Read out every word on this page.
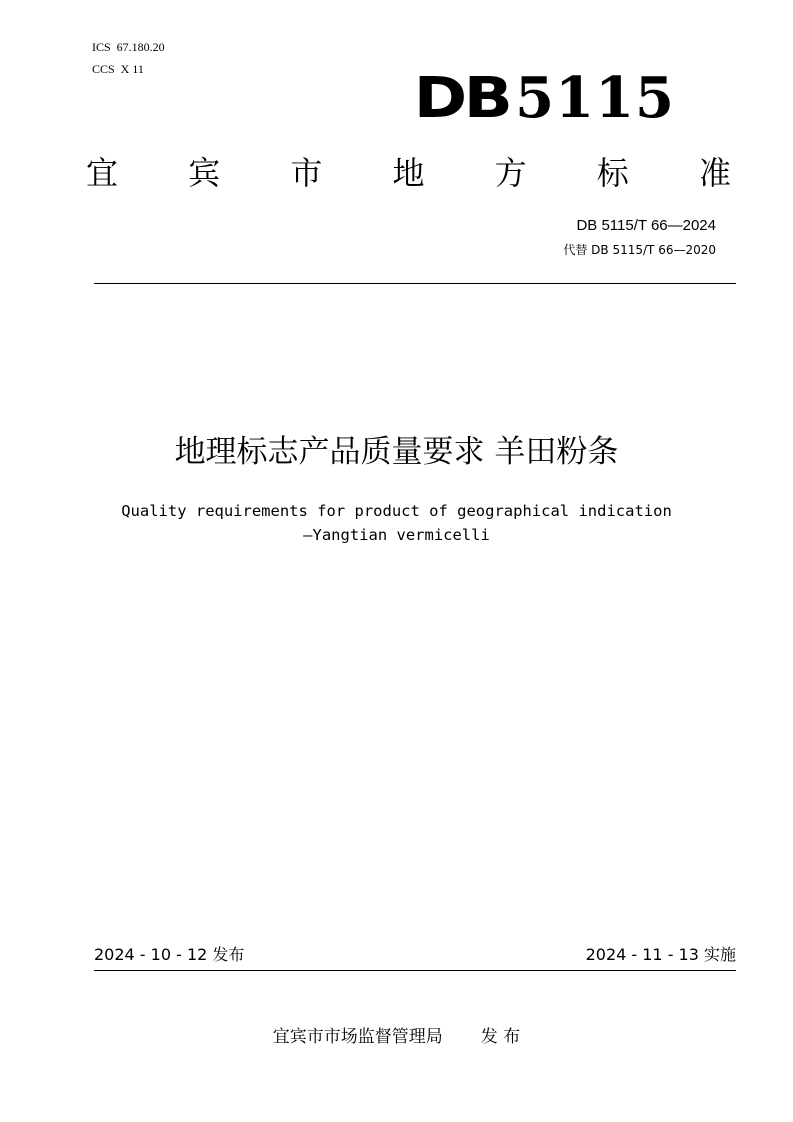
ICS  67.180.20
CCS  X 11	DB 5115
宜 宾 市 地 方 标 准
DB 5115/T 66—2024
代替 DB 5115/T 66—2020
地理标志产品质量要求 羊田粉条
Quality requirements for product of geographical indication
—Yangtian vermicelli
2024 - 10 - 12 发布	2024 - 11 - 13 实施
宜宾市市场监督管理局 发 布
